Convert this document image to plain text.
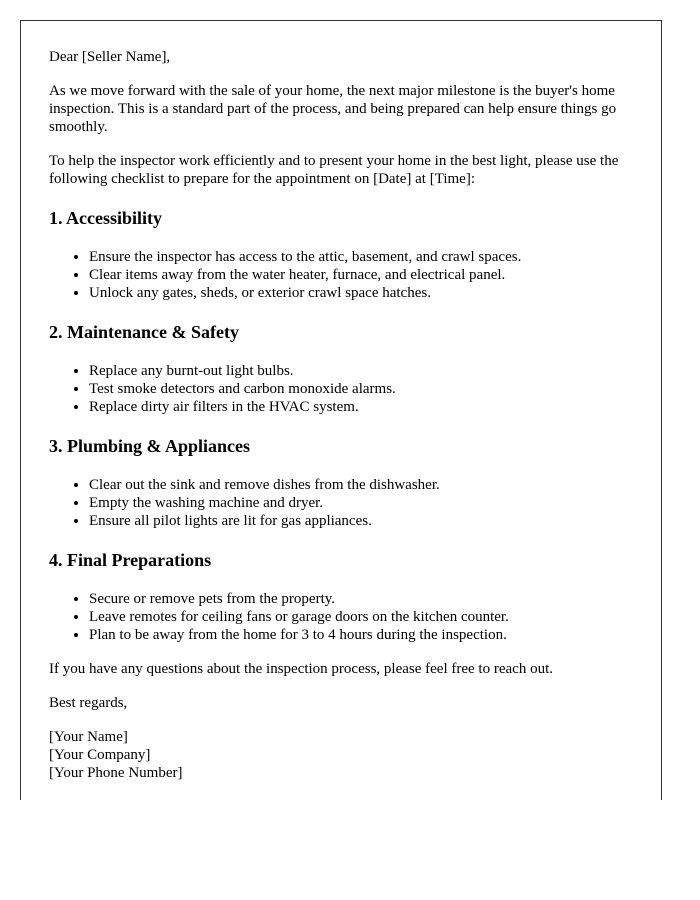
Dear [Seller Name],

As we move forward with the sale of your home, the next major milestone is the buyer's home inspection. This is a standard part of the process, and being prepared can help ensure things go smoothly.

To help the inspector work efficiently and to present your home in the best light, please use the following checklist to prepare for the appointment on [Date] at [Time]:

1. Accessibility
• Ensure the inspector has access to the attic, basement, and crawl spaces.
• Clear items away from the water heater, furnace, and electrical panel.
• Unlock any gates, sheds, or exterior crawl space hatches.
2. Maintenance & Safety
• Replace any burnt-out light bulbs.
• Test smoke detectors and carbon monoxide alarms.
• Replace dirty air filters in the HVAC system.
3. Plumbing & Appliances
• Clear out the sink and remove dishes from the dishwasher.
• Empty the washing machine and dryer.
• Ensure all pilot lights are lit for gas appliances.
4. Final Preparations
• Secure or remove pets from the property.
• Leave remotes for ceiling fans or garage doors on the kitchen counter.
• Plan to be away from the home for 3 to 4 hours during the inspection.

If you have any questions about the inspection process, please feel free to reach out.

Best regards,

[Your Name]
[Your Company]
[Your Phone Number]
